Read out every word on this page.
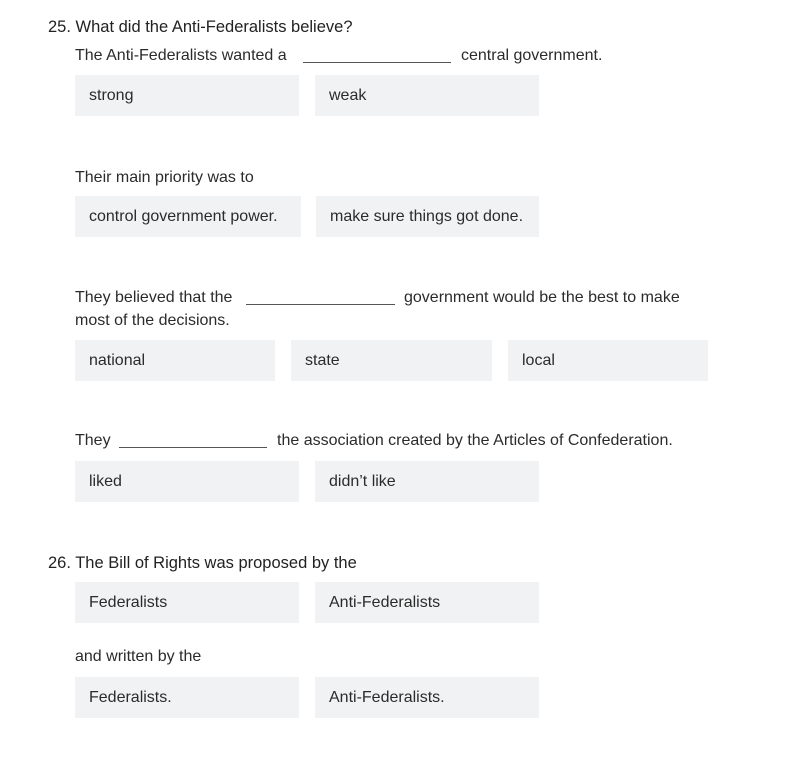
25. What did the Anti-Federalists believe?
The Anti-Federalists wanted a	central government.
strong	weak
Their main priority was to
control government power.	make sure things got done.
They believed that the	government would be the best to make
most of the decisions.
national	state	local
They	the association created by the Articles of Confederation.
liked	didn’t like
26. The Bill of Rights was proposed by the
Federalists	Anti-Federalists
and written by the
Federalists.	Anti-Federalists.
